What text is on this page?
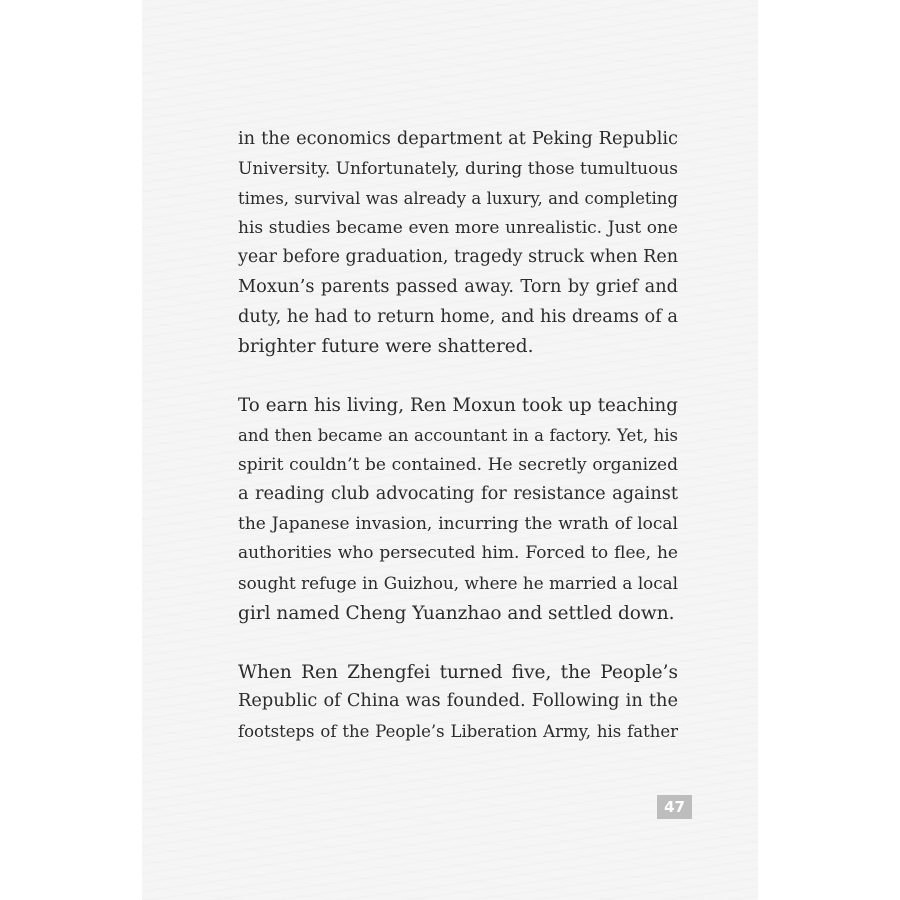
in the economics department at Peking Republic
University. Unfortunately, during those tumultuous
times, survival was already a luxury, and completing
his studies became even more unrealistic. Just one
year before graduation, tragedy struck when Ren
Moxun’s parents passed away. Torn by grief and
duty, he had to return home, and his dreams of a
brighter future were shattered.
To earn his living, Ren Moxun took up teaching
and then became an accountant in a factory. Yet, his
spirit couldn’t be contained. He secretly organized
a reading club advocating for resistance against
the Japanese invasion, incurring the wrath of local
authorities who persecuted him. Forced to flee, he
sought refuge in Guizhou, where he married a local
girl named Cheng Yuanzhao and settled down.
When Ren Zhengfei turned five, the People’s
Republic of China was founded. Following in the
footsteps of the People’s Liberation Army, his father
47
